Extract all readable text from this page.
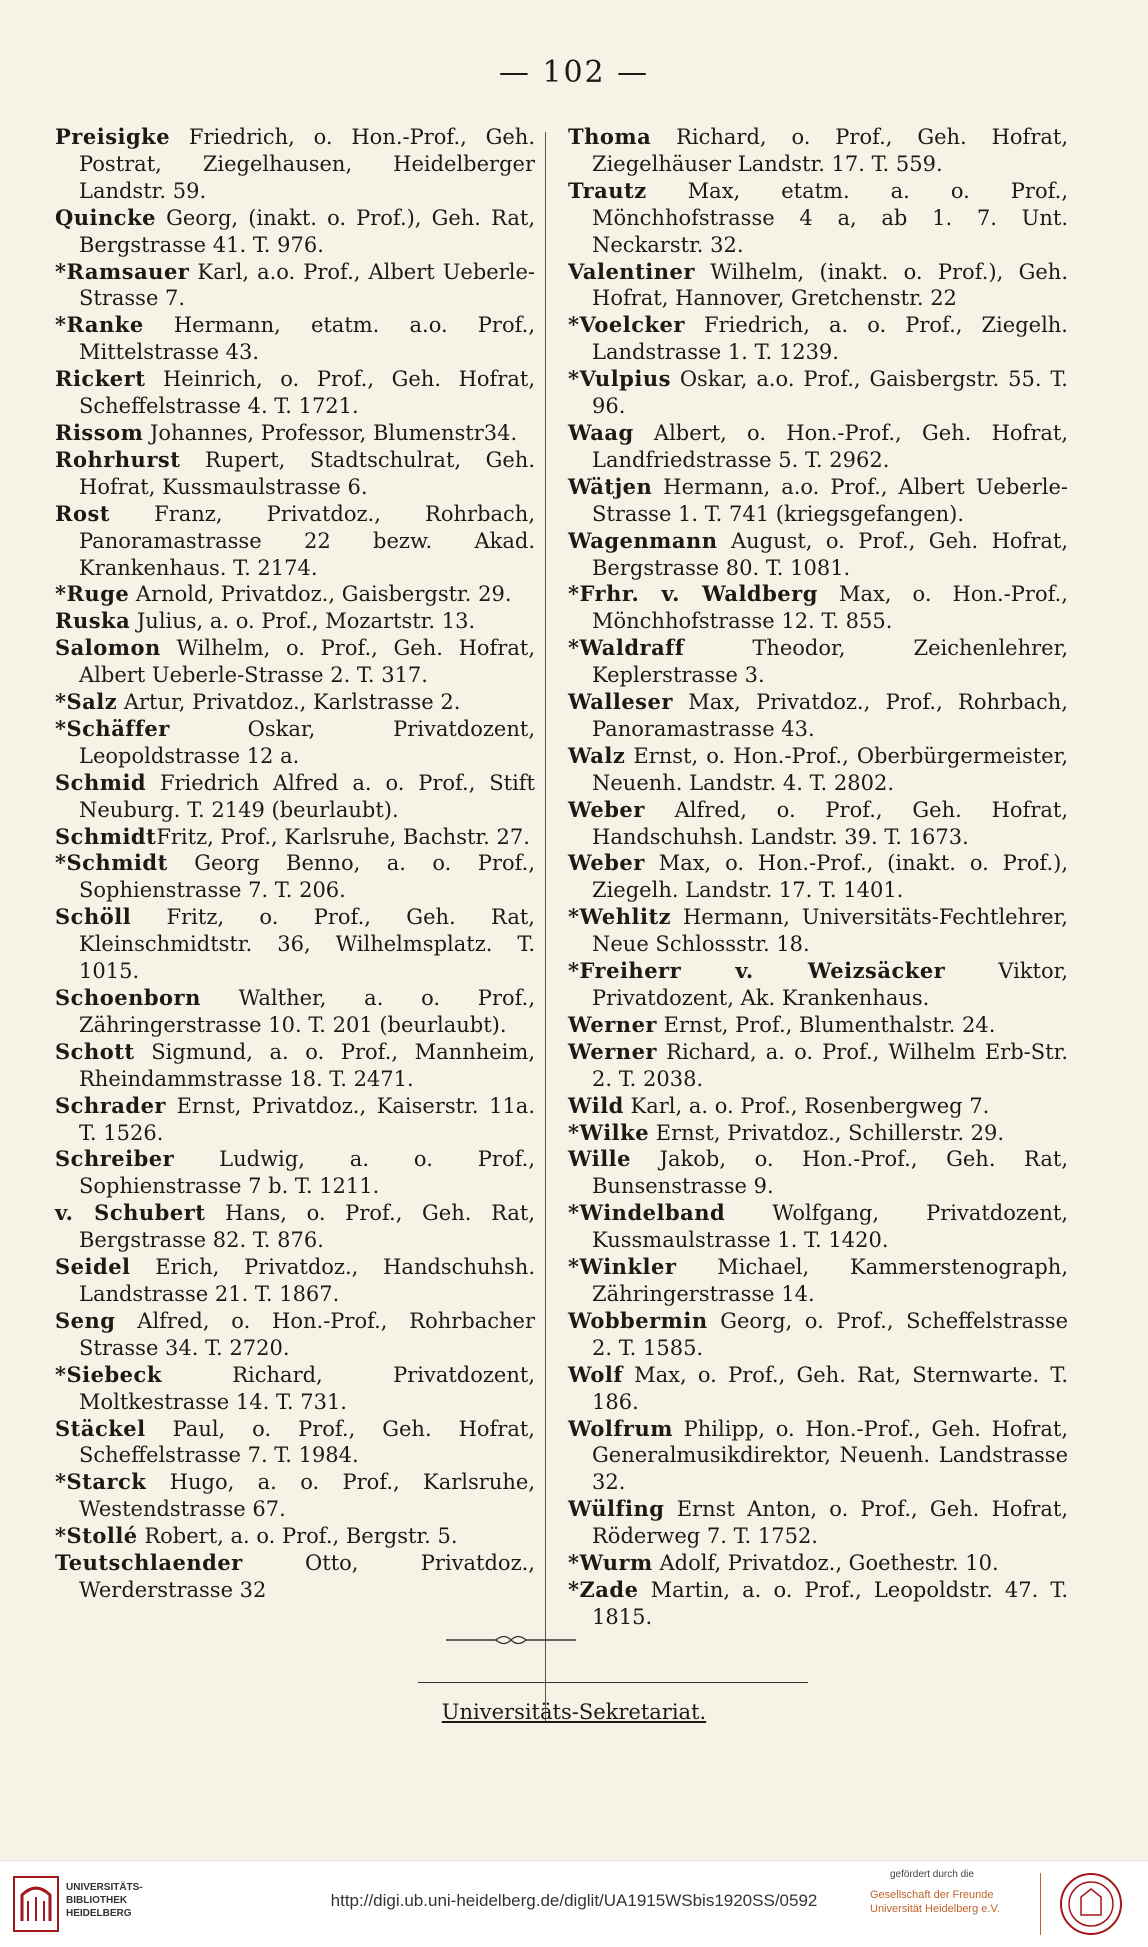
— 102 —
Preisigke Friedrich, o. Hon.-Prof., Geh. Postrat, Ziegelhausen, Heidelberger Landstr. 59.
Quincke Georg, (inakt. o. Prof.), Geh. Rat, Bergstrasse 41. T. 976.
*Ramsauer Karl, a.o. Prof., Albert Ueberle-Strasse 7.
*Ranke Hermann, etatm. a.o. Prof., Mittelstrasse 43.
Rickert Heinrich, o. Prof., Geh. Hofrat, Scheffelstrasse 4. T. 1721.
Rissom Johannes, Professor, Blumenstr34.
Rohrhurst Rupert, Stadtschulrat, Geh. Hofrat, Kussmaulstrasse 6.
Rost Franz, Privatdoz., Rohrbach, Panoramastrasse 22 bezw. Akad. Krankenhaus. T. 2174.
*Ruge Arnold, Privatdoz., Gaisbergstr. 29.
Ruska Julius, a. o. Prof., Mozartstr. 13.
Salomon Wilhelm, o. Prof., Geh. Hofrat, Albert Ueberle-Strasse 2. T. 317.
*Salz Artur, Privatdoz., Karlstrasse 2.
*Schäffer Oskar, Privatdozent, Leopoldstrasse 12 a.
Schmid Friedrich Alfred a. o. Prof., Stift Neuburg. T. 2149 (beurlaubt).
SchmidtFritz, Prof., Karlsruhe, Bachstr. 27.
*Schmidt Georg Benno, a. o. Prof., Sophienstrasse 7. T. 206.
Schöll Fritz, o. Prof., Geh. Rat, Kleinschmidtstr. 36, Wilhelmsplatz. T. 1015.
Schoenborn Walther, a. o. Prof., Zähringerstrasse 10. T. 201 (beurlaubt).
Schott Sigmund, a. o. Prof., Mannheim, Rheindammstrasse 18. T. 2471.
Schrader Ernst, Privatdoz., Kaiserstr. 11a. T. 1526.
Schreiber Ludwig, a. o. Prof., Sophienstrasse 7 b. T. 1211.
v. Schubert Hans, o. Prof., Geh. Rat, Bergstrasse 82. T. 876.
Seidel Erich, Privatdoz., Handschuhsh. Landstrasse 21. T. 1867.
Seng Alfred, o. Hon.-Prof., Rohrbacher Strasse 34. T. 2720.
*Siebeck Richard, Privatdozent, Moltkestrasse 14. T. 731.
Stäckel Paul, o. Prof., Geh. Hofrat, Scheffelstrasse 7. T. 1984.
*Starck Hugo, a. o. Prof., Karlsruhe, Westendstrasse 67.
*Stollé Robert, a. o. Prof., Bergstr. 5.
Teutschlaender Otto, Privatdoz., Werderstrasse 32
Thoma Richard, o. Prof., Geh. Hofrat, Ziegelhäuser Landstr. 17. T. 559.
Trautz Max, etatm. a. o. Prof., Mönchhofstrasse 4 a, ab 1. 7. Unt. Neckarstr. 32.
Valentiner Wilhelm, (inakt. o. Prof.), Geh. Hofrat, Hannover, Gretchenstr. 22
*Voelcker Friedrich, a. o. Prof., Ziegelh. Landstrasse 1. T. 1239.
*Vulpius Oskar, a.o. Prof., Gaisbergstr. 55. T. 96.
Waag Albert, o. Hon.-Prof., Geh. Hofrat, Landfriedstrasse 5. T. 2962.
Wätjen Hermann, a.o. Prof., Albert Ueberle-Strasse 1. T. 741 (kriegsgefangen).
Wagenmann August, o. Prof., Geh. Hofrat, Bergstrasse 80. T. 1081.
*Frhr. v. Waldberg Max, o. Hon.-Prof., Mönchhofstrasse 12. T. 855.
*Waldraff Theodor, Zeichenlehrer, Keplerstrasse 3.
Walleser Max, Privatdoz., Prof., Rohrbach, Panoramastrasse 43.
Walz Ernst, o. Hon.-Prof., Oberbürgermeister, Neuenh. Landstr. 4. T. 2802.
Weber Alfred, o. Prof., Geh. Hofrat, Handschuhsh. Landstr. 39. T. 1673.
Weber Max, o. Hon.-Prof., (inakt. o. Prof.), Ziegelh. Landstr. 17. T. 1401.
*Wehlitz Hermann, Universitäts-Fechtlehrer, Neue Schlossstr. 18.
*Freiherr v. Weizsäcker Viktor, Privatdozent, Ak. Krankenhaus.
Werner Ernst, Prof., Blumenthalstr. 24.
Werner Richard, a. o. Prof., Wilhelm Erb-Str. 2. T. 2038.
Wild Karl, a. o. Prof., Rosenbergweg 7.
*Wilke Ernst, Privatdoz., Schillerstr. 29.
Wille Jakob, o. Hon.-Prof., Geh. Rat, Bunsenstrasse 9.
*Windelband Wolfgang, Privatdozent, Kussmaulstrasse 1. T. 1420.
*Winkler Michael, Kammerstenograph, Zähringerstrasse 14.
Wobbermin Georg, o. Prof., Scheffelstrasse 2. T. 1585.
Wolf Max, o. Prof., Geh. Rat, Sternwarte. T. 186.
Wolfrum Philipp, o. Hon.-Prof., Geh. Hofrat, Generalmusikdirektor, Neuenh. Landstrasse 32.
Wülfing Ernst Anton, o. Prof., Geh. Hofrat, Röderweg 7. T. 1752.
*Wurm Adolf, Privatdoz., Goethestr. 10.
*Zade Martin, a. o. Prof., Leopoldstr. 47. T. 1815.
Universitäts-Sekretariat.
UNIVERSITÄTS-
BIBLIOTHEK
HEIDELBERG
http://digi.ub.uni-heidelberg.de/diglit/UA1915WSbis1920SS/0592
gefördert durch die
Gesellschaft der Freunde
Universität Heidelberg e.V.
